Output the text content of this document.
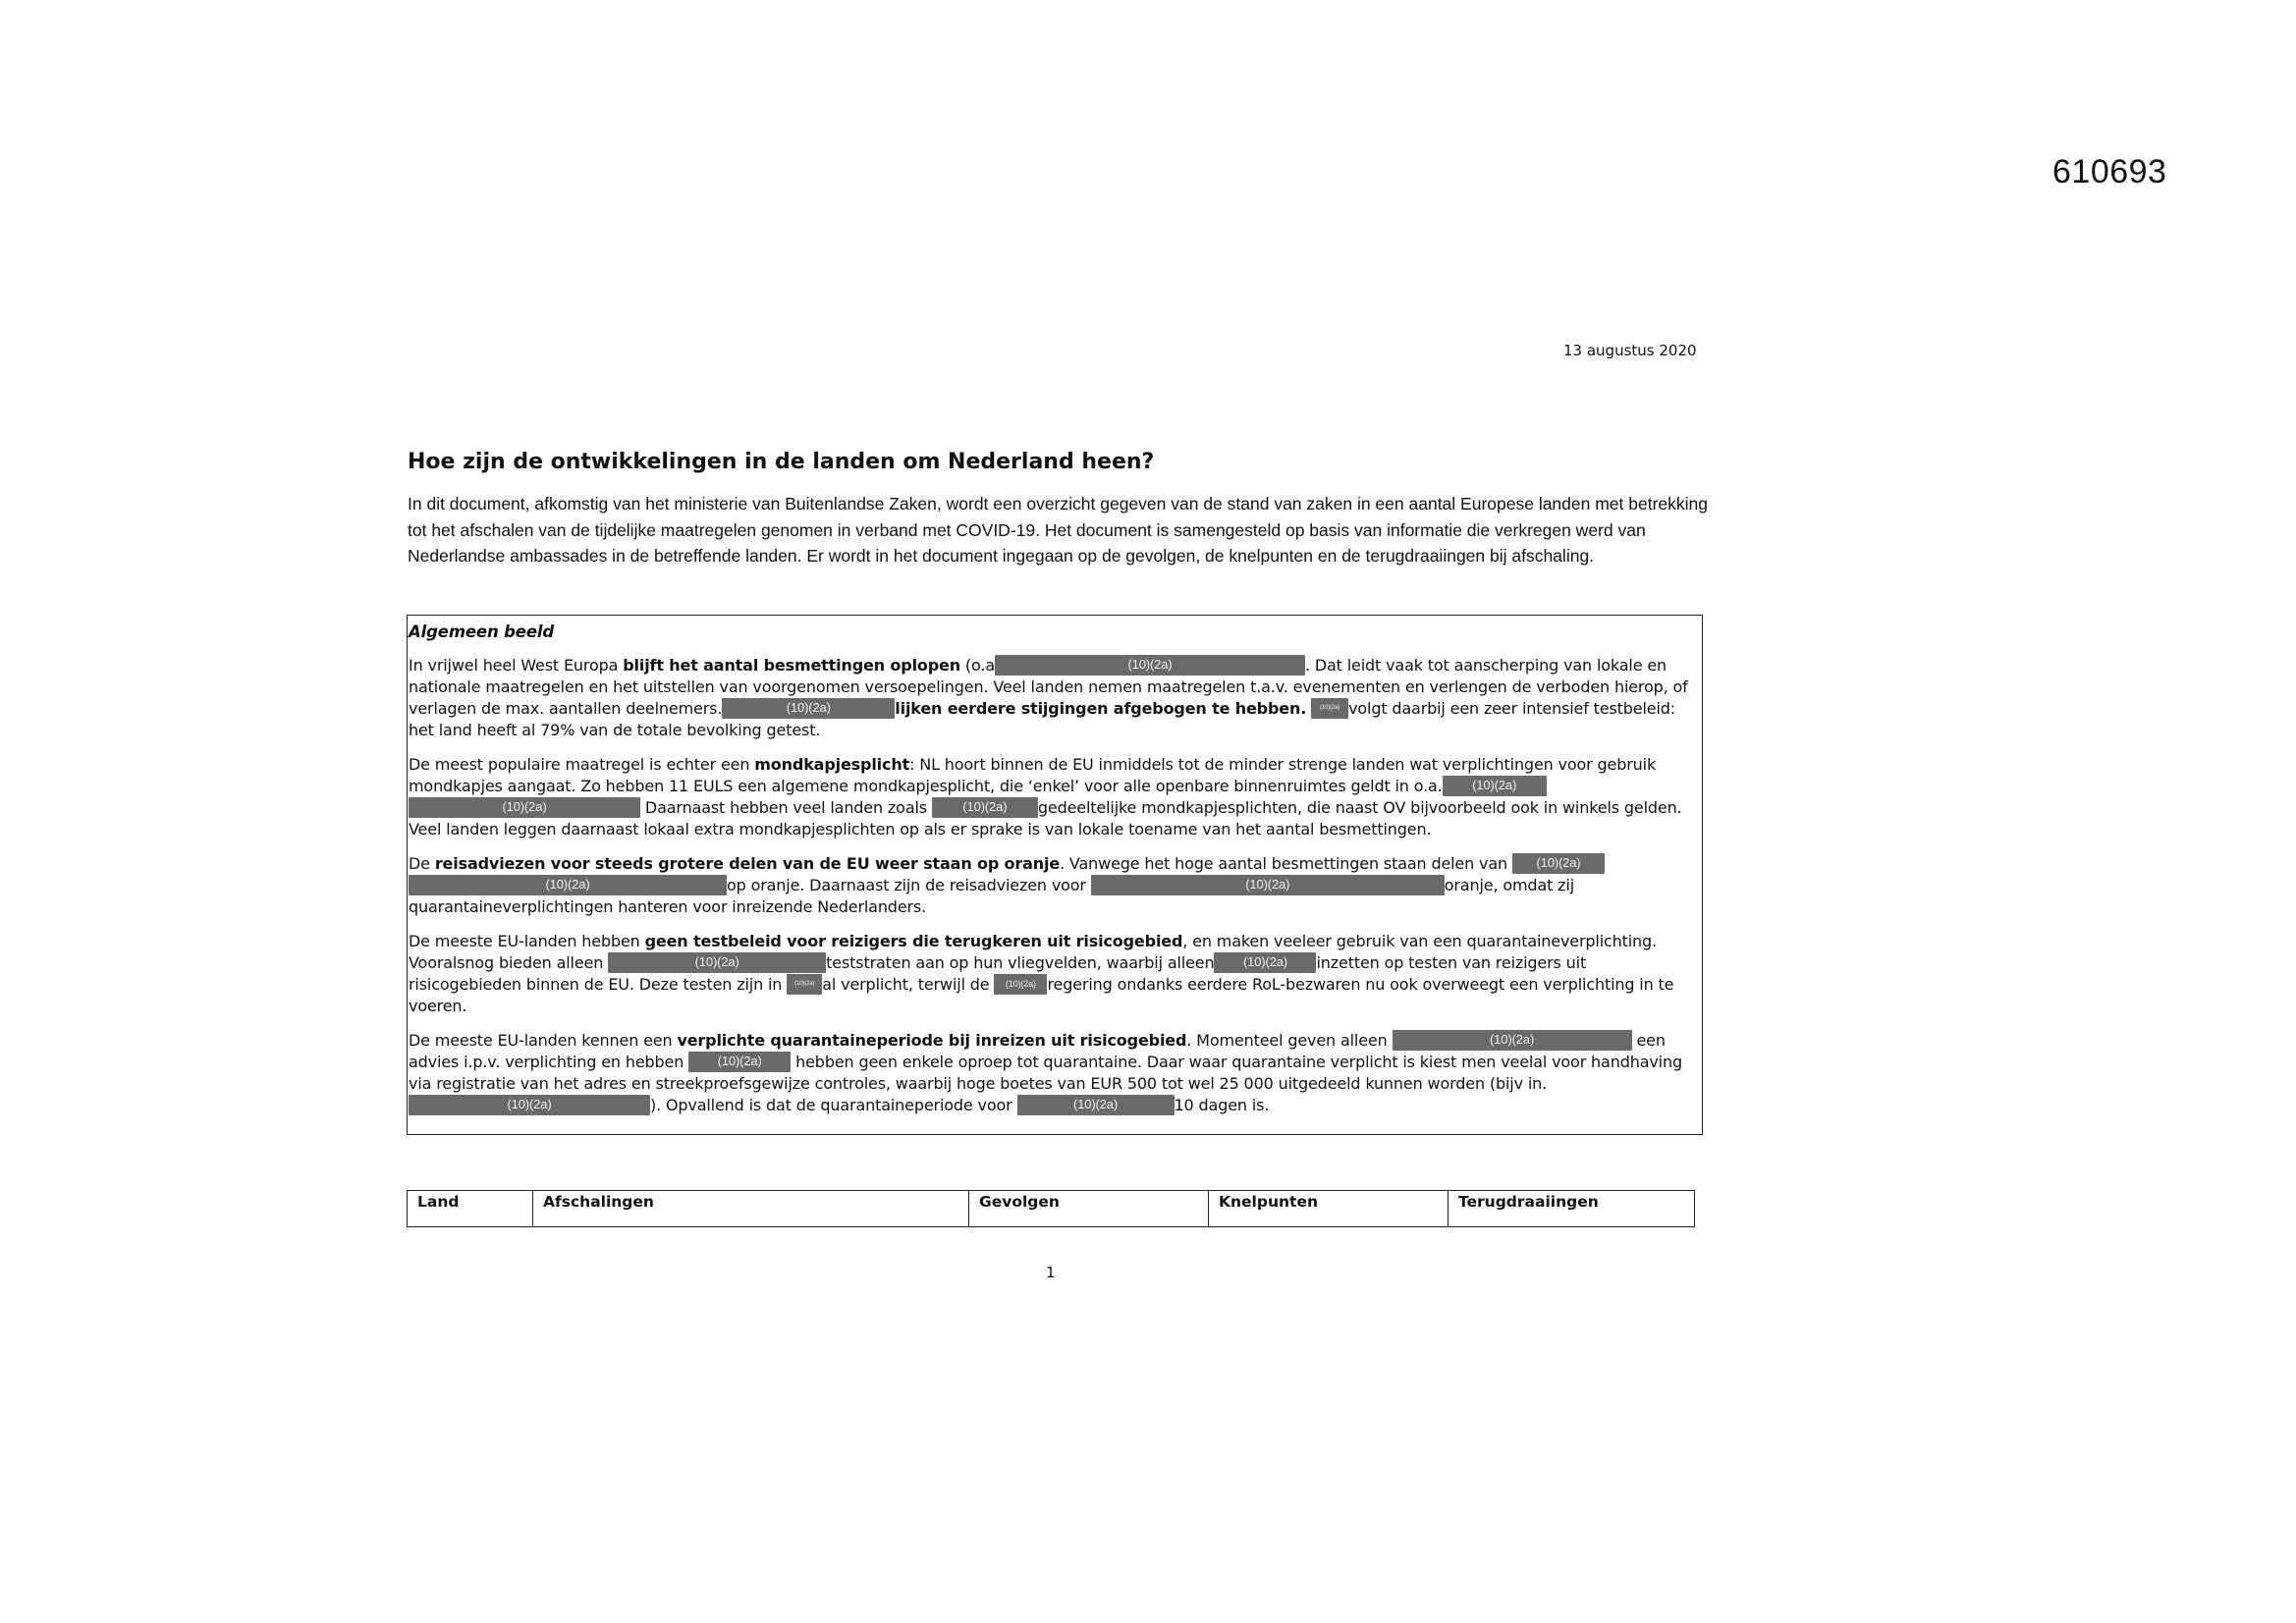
610693
13 augustus 2020
Hoe zijn de ontwikkelingen in de landen om Nederland heen?

In dit document, afkomstig van het ministerie van Buitenlandse Zaken, wordt een overzicht gegeven van de stand van zaken in een aantal Europese landen met betrekking tot het afschalen van de tijdelijke maatregelen genomen in verband met COVID-19. Het document is samengesteld op basis van informatie die verkregen werd van Nederlandse ambassades in de betreffende landen. Er wordt in het document ingegaan op de gevolgen, de knelpunten en de terugdraaiingen bij afschaling.

Algemeen beeld

In vrijwel heel West Europa blijft het aantal besmettingen oplopen (o.a	(10)(2a)	. Dat leidt vaak tot aanscherping van lokale en nationale maatregelen en het uitstellen van voorgenomen versoepelingen. Veel landen nemen maatregelen t.a.v. evenementen en verlengen de verboden hierop, of verlagen de max. aantallen deelnemers.	(10)(2a)	lijken eerdere stijgingen afgebogen te hebben. (10)(2a) volgt daarbij een zeer intensief testbeleid: het land heeft al 79% van de totale bevolking getest.

De meest populaire maatregel is echter een mondkapjesplicht: NL hoort binnen de EU inmiddels tot de minder strenge landen wat verplichtingen voor gebruik mondkapjes aangaat. Zo hebben 11 EULS een algemene mondkapjesplicht, die ‘enkel’ voor alle openbare binnenruimtes geldt in o.a. (10)(2a) (10)(2a)	Daarnaast hebben veel landen zoals (10)(2a) gedeeltelijke mondkapjesplichten, die naast OV bijvoorbeeld ook in winkels gelden. Veel landen leggen daarnaast lokaal extra mondkapjesplichten op als er sprake is van lokale toename van het aantal besmettingen.

De reisadviezen voor steeds grotere delen van de EU weer staan op oranje. Vanwege het hoge aantal besmettingen staan delen van (10)(2a) (10)(2a)	op oranje. Daarnaast zijn de reisadviezen voor	(10)(2a)	oranje, omdat zij quarantaineverplichtingen hanteren voor inreizende Nederlanders.

De meeste EU-landen hebben geen testbeleid voor reizigers die terugkeren uit risicogebied, en maken veeleer gebruik van een quarantaineverplichting. Vooralsnog bieden alleen	(10)(2a)	teststraten aan op hun vliegvelden, waarbij alleen (10)(2a) inzetten op testen van reizigers uit risicogebieden binnen de EU. Deze testen zijn in (10)(2a) al verplicht, terwijl de (10)(2a) regering ondanks eerdere RoL-bezwaren nu ook overweegt een verplichting in te voeren.

De meeste EU-landen kennen een verplichte quarantaineperiode bij inreizen uit risicogebied. Momenteel geven alleen	(10)(2a)	een advies i.p.v. verplichting en hebben (10)(2a) hebben geen enkele oproep tot quarantaine. Daar waar quarantaine verplicht is kiest men veelal voor handhaving via registratie van het adres en streekproefsgewijze controles, waarbij hoge boetes van EUR 500 tot wel 25 000 uitgedeeld kunnen worden (bijv in.(10)(2a)	). Opvallend is dat de quarantaineperiode voor	(10)(2a)	10 dagen is.

Land	Afschalingen	Gevolgen	Knelpunten	Terugdraaiingen
1
